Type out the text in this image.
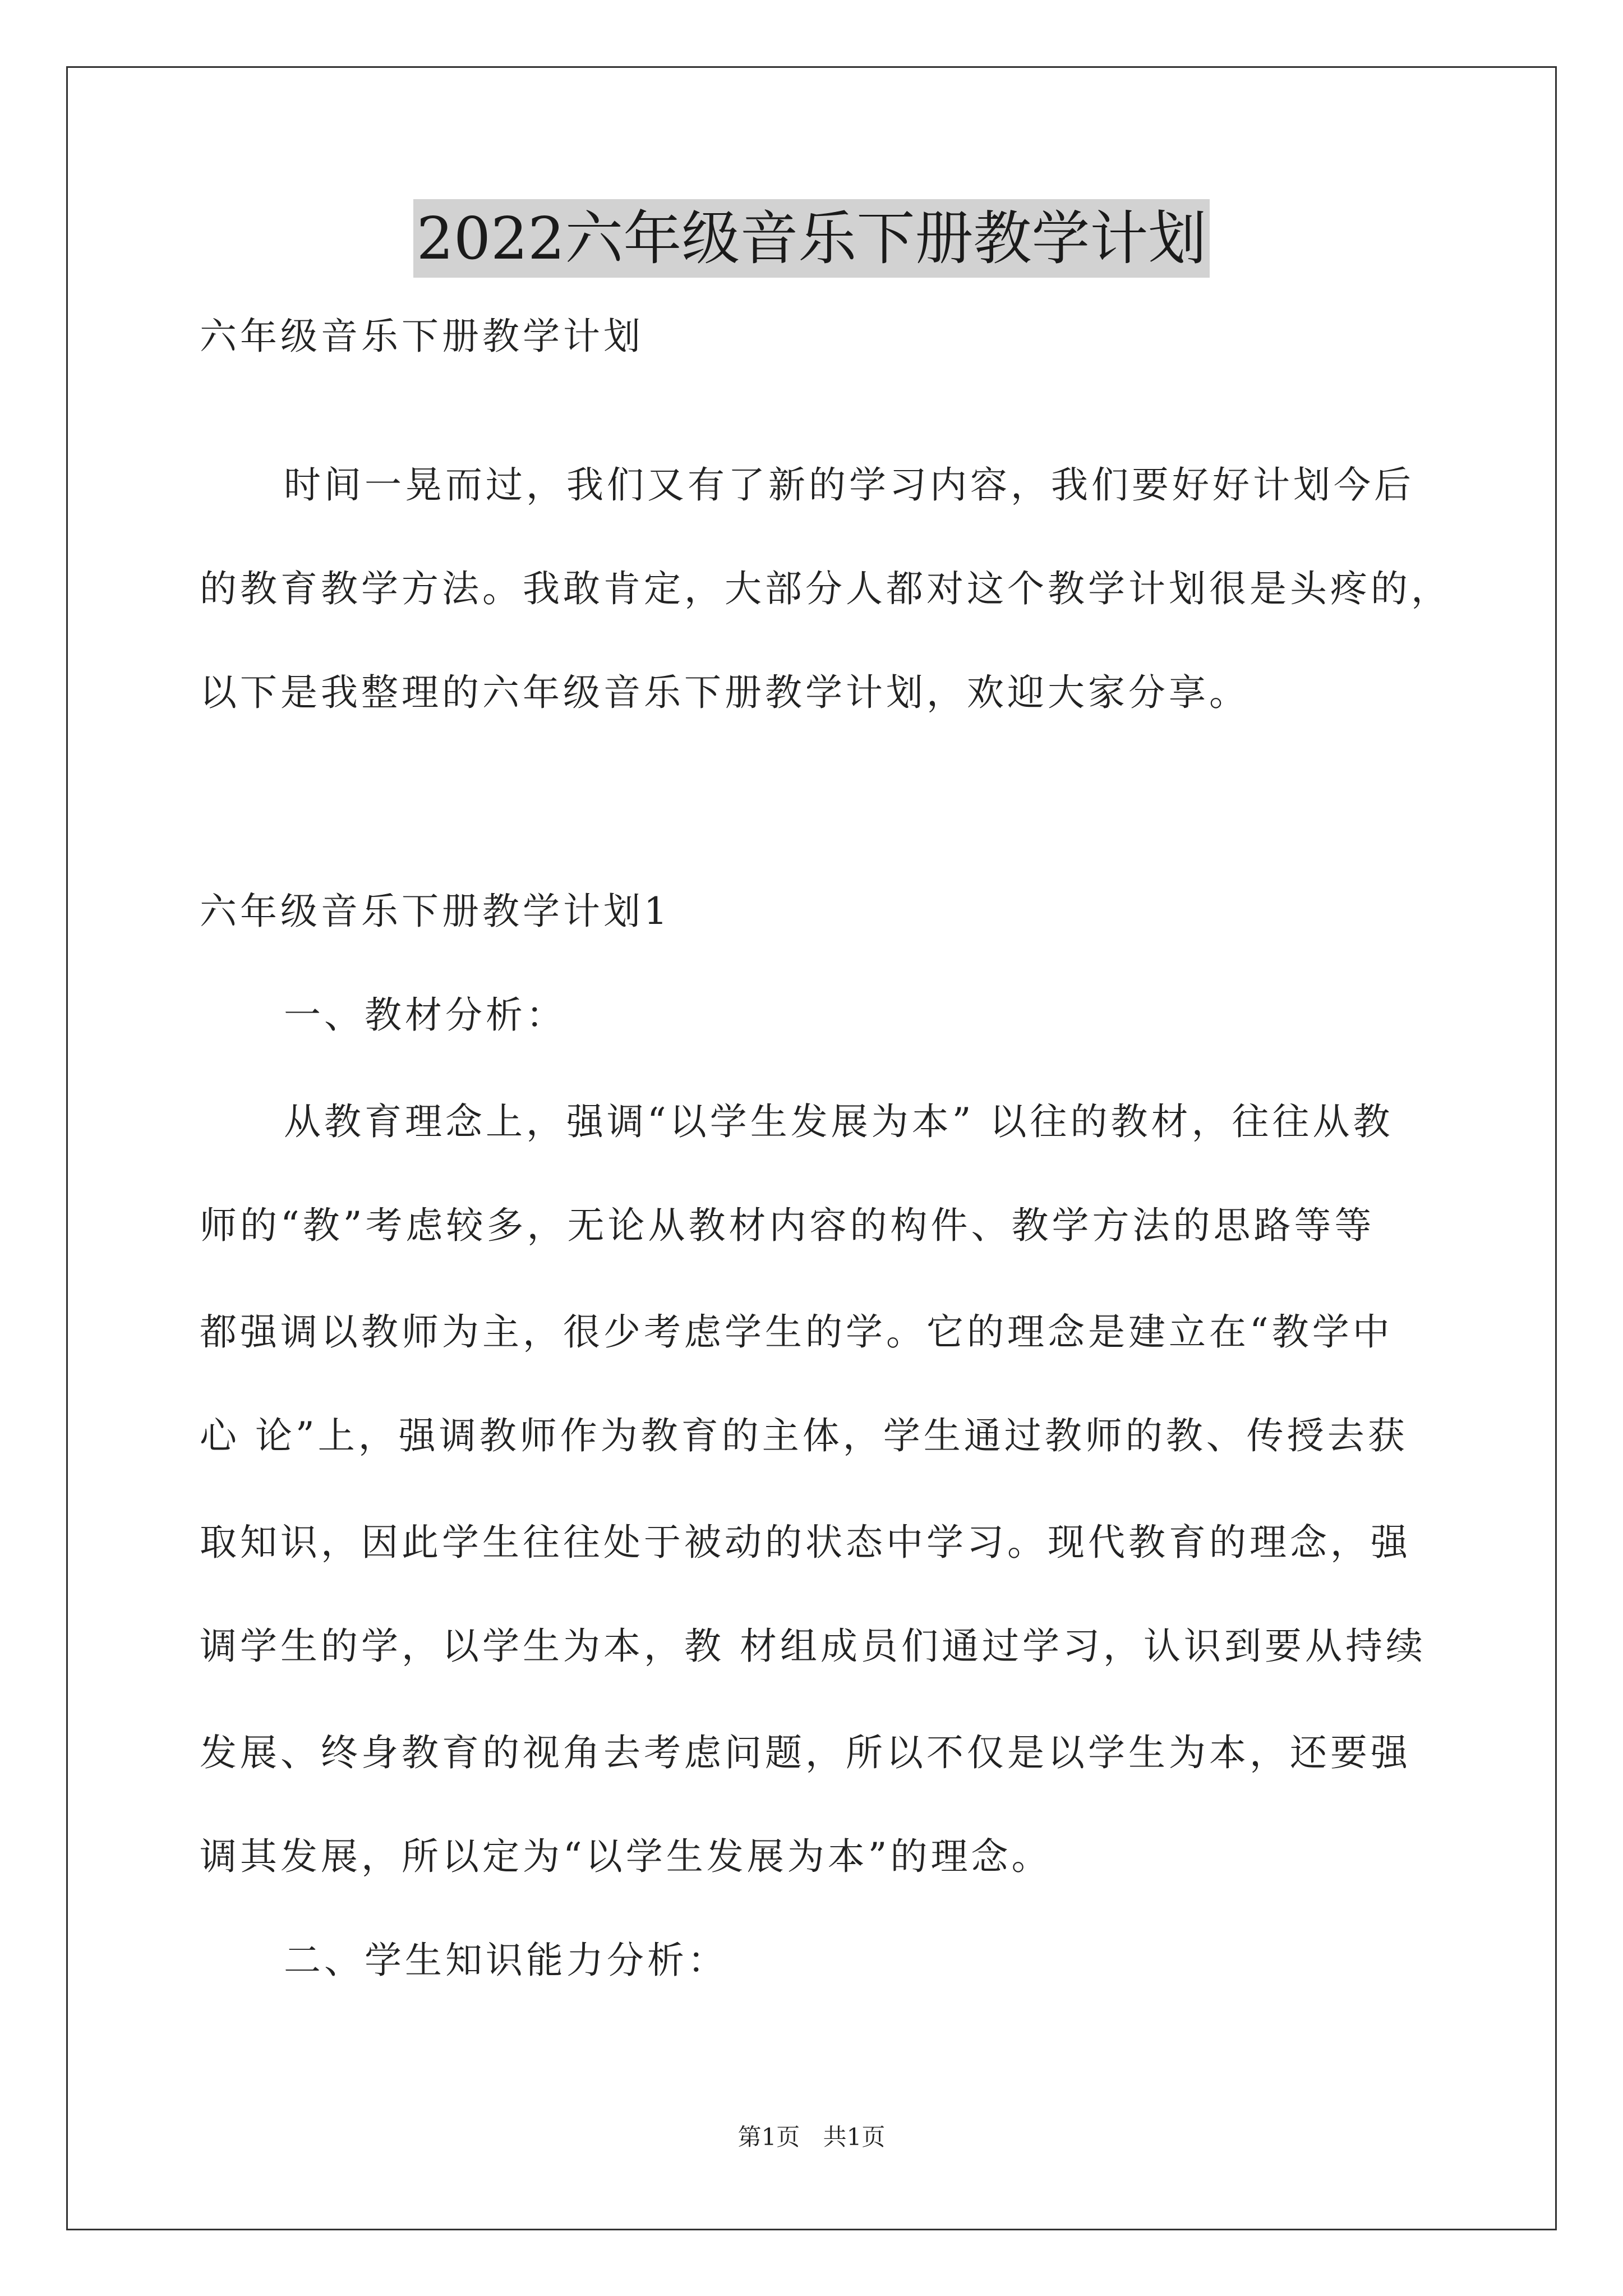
2022六年级音乐下册教学计划
六年级音乐下册教学计划
时间一晃而过，我们又有了新的学习内容，我们要好好计划今后
的教育教学方法。我敢肯定，大部分人都对这个教学计划很是头疼的，
以下是我整理的六年级音乐下册教学计划，欢迎大家分享。
六年级音乐下册教学计划1
一、教材分析：
从教育理念上，强调“以学生发展为本” 以往的教材，往往从教
师的“教”考虑较多，无论从教材内容的构件、教学方法的思路等等
都强调以教师为主，很少考虑学生的学。它的理念是建立在“教学中
心 论”上，强调教师作为教育的主体，学生通过教师的教、传授去获
取知识，因此学生往往处于被动的状态中学习。现代教育的理念，强
调学生的学，以学生为本，教 材组成员们通过学习，认识到要从持续
发展、终身教育的视角去考虑问题，所以不仅是以学生为本，还要强
调其发展，所以定为“以学生发展为本”的理念。
二、学生知识能力分析：
第1页 共1页
